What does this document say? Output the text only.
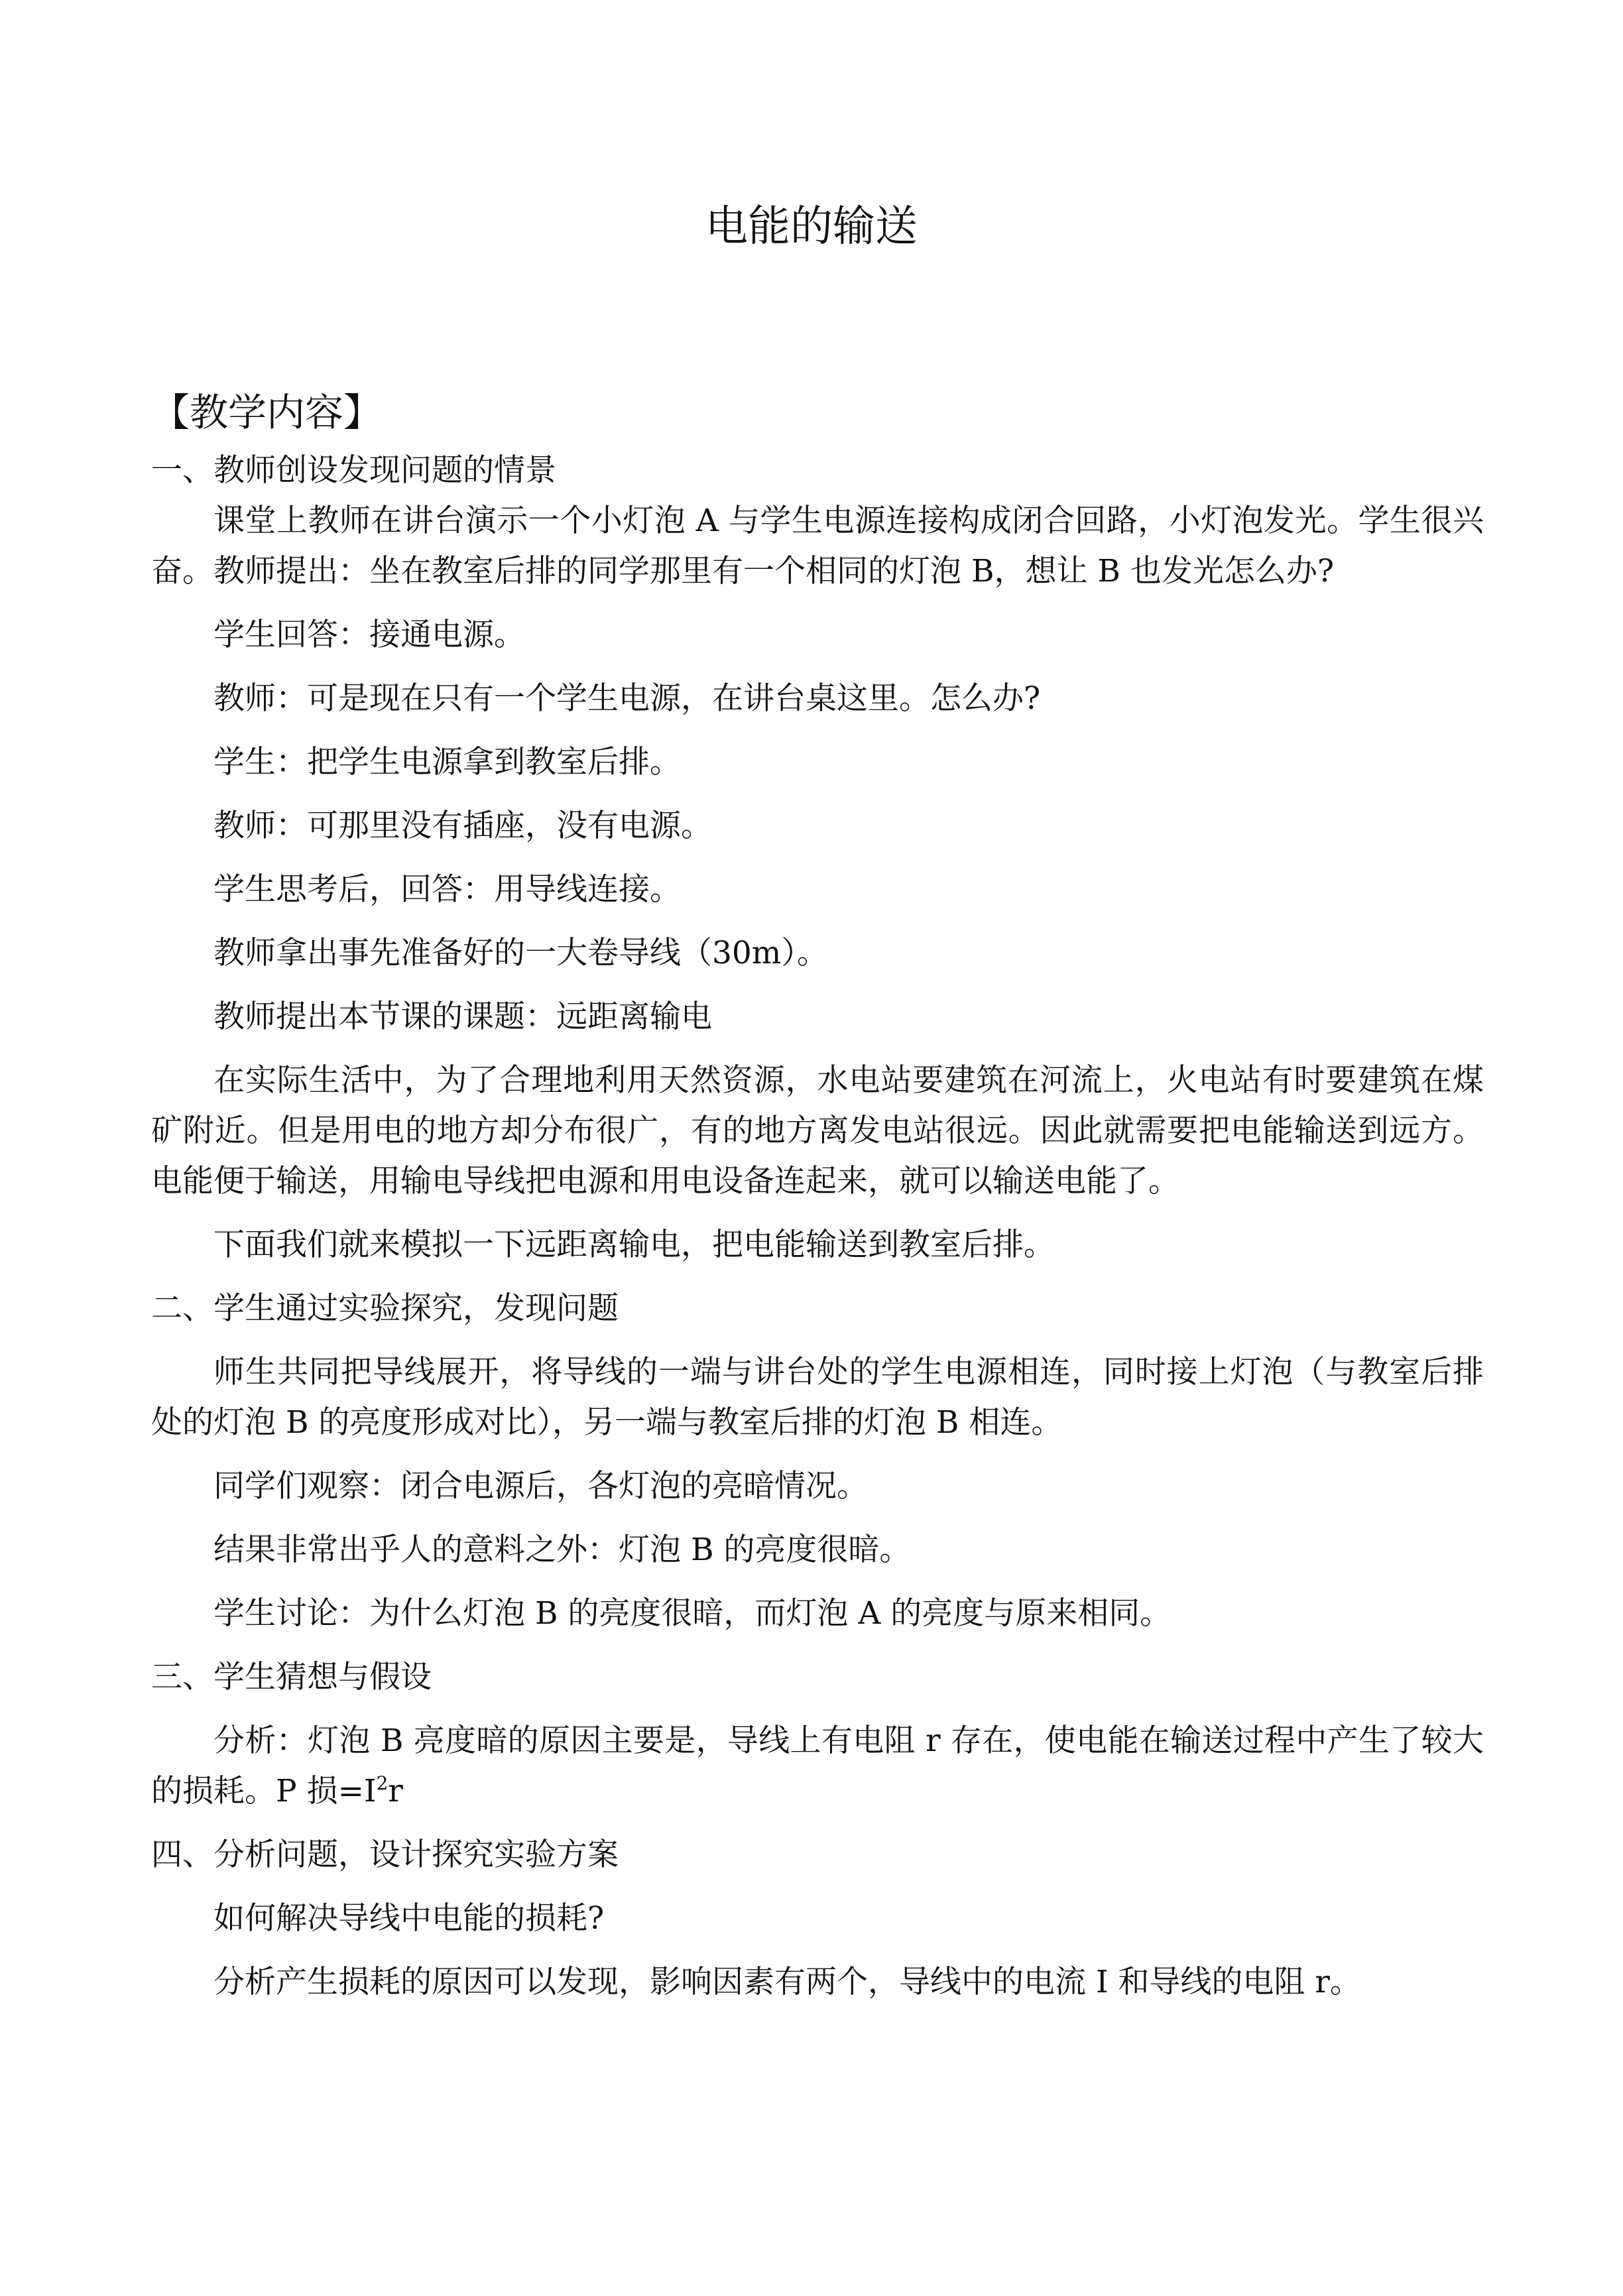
电能的输送
【教学内容】
一、教师创设发现问题的情景
课堂上教师在讲台演示一个小灯泡 A 与学生电源连接构成闭合回路，小灯泡发光。学生很兴奋。教师提出：坐在教室后排的同学那里有一个相同的灯泡 B，想让 B 也发光怎么办?
学生回答：接通电源。
教师：可是现在只有一个学生电源，在讲台桌这里。怎么办?
学生：把学生电源拿到教室后排。
教师：可那里没有插座，没有电源。
学生思考后，回答：用导线连接。
教师拿出事先准备好的一大卷导线（30m）。
教师提出本节课的课题：远距离输电
在实际生活中，为了合理地利用天然资源，水电站要建筑在河流上，火电站有时要建筑在煤矿附近。但是用电的地方却分布很广，有的地方离发电站很远。因此就需要把电能输送到远方。电能便于输送，用输电导线把电源和用电设备连起来，就可以输送电能了。
下面我们就来模拟一下远距离输电，把电能输送到教室后排。
二、学生通过实验探究，发现问题
师生共同把导线展开，将导线的一端与讲台处的学生电源相连，同时接上灯泡（与教室后排处的灯泡 B 的亮度形成对比），另一端与教室后排的灯泡 B 相连。
同学们观察：闭合电源后，各灯泡的亮暗情况。
结果非常出乎人的意料之外：灯泡 B 的亮度很暗。
学生讨论：为什么灯泡 B 的亮度很暗，而灯泡 A 的亮度与原来相同。
三、学生猜想与假设
分析：灯泡 B 亮度暗的原因主要是，导线上有电阻 r 存在，使电能在输送过程中产生了较大的损耗。P 损$=I^2r$
四、分析问题，设计探究实验方案
如何解决导线中电能的损耗?
分析产生损耗的原因可以发现，影响因素有两个，导线中的电流 I 和导线的电阻 r。
